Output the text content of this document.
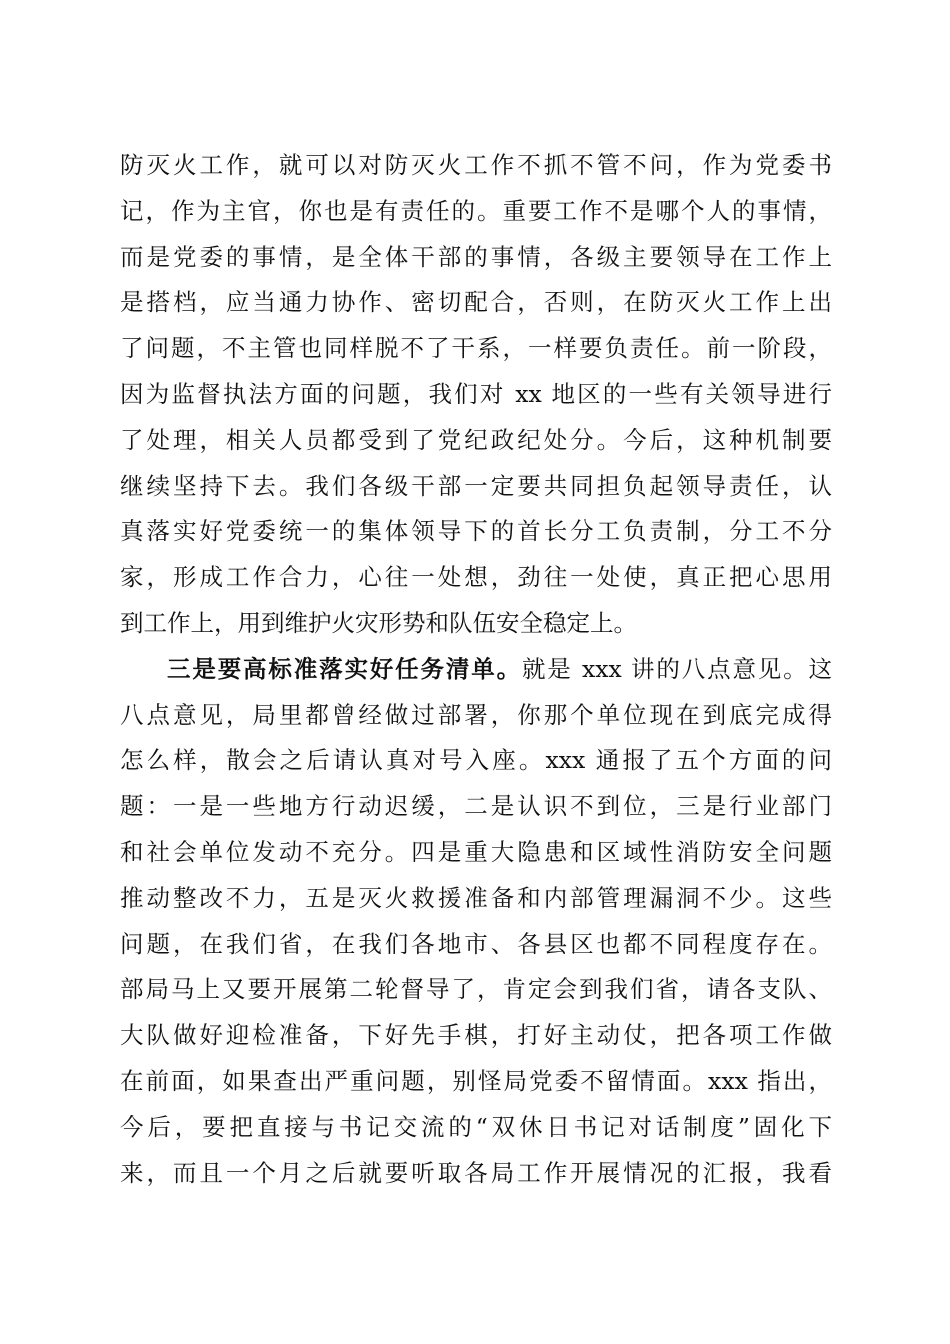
防灭火工作，就可以对防灭火工作不抓不管不问，作为党委书
记，作为主官，你也是有责任的。重要工作不是哪个人的事情，
而是党委的事情，是全体干部的事情，各级主要领导在工作上
是搭档，应当通力协作、密切配合，否则，在防灭火工作上出
了问题，不主管也同样脱不了干系，一样要负责任。前一阶段，
因为监督执法方面的问题，我们对 xx 地区的一些有关领导进行
了处理，相关人员都受到了党纪政纪处分。今后，这种机制要
继续坚持下去。我们各级干部一定要共同担负起领导责任，认
真落实好党委统一的集体领导下的首长分工负责制，分工不分
家，形成工作合力，心往一处想，劲往一处使，真正把心思用
到工作上，用到维护火灾形势和队伍安全稳定上。
三是要高标准落实好任务清单。就是 xxx 讲的八点意见。这
八点意见，局里都曾经做过部署，你那个单位现在到底完成得
怎么样，散会之后请认真对号入座。xxx 通报了五个方面的问
题：一是一些地方行动迟缓，二是认识不到位，三是行业部门
和社会单位发动不充分。四是重大隐患和区域性消防安全问题
推动整改不力，五是灭火救援准备和内部管理漏洞不少。这些
问题，在我们省，在我们各地市、各县区也都不同程度存在。
部局马上又要开展第二轮督导了，肯定会到我们省，请各支队、
大队做好迎检准备，下好先手棋，打好主动仗，把各项工作做
在前面，如果查出严重问题，别怪局党委不留情面。xxx 指出，
今后，要把直接与书记交流的“双休日书记对话制度”固化下
来，而且一个月之后就要听取各局工作开展情况的汇报，我看
